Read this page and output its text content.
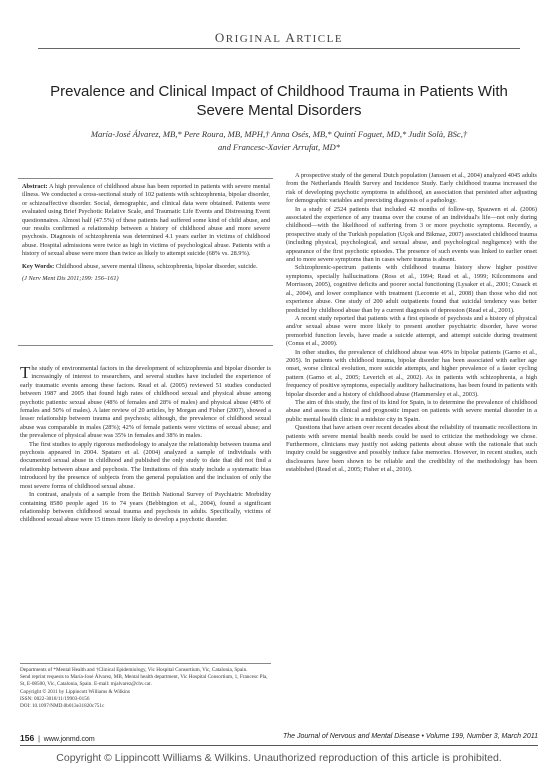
ORIGINAL ARTICLE
Prevalence and Clinical Impact of Childhood Trauma in Patients With Severe Mental Disorders
María-José Álvarez, MB,* Pere Roura, MB, MPH,† Anna Osés, MB,* Quintí Foguet, MD,* Judit Solà, BSc,†
and Francesc-Xavier Arrufat, MD*

Abstract: A high prevalence of childhood abuse has been reported in patients with severe mental illness. We conducted a cross-sectional study of 102 patients with schizophrenia, bipolar disorder, or schizoaffective disorder. Social, demographic, and clinical data were obtained. Patients were evaluated using Brief Psychotic Relative Scale, and Traumatic Life Events and Distressing Event questionnaires. Almost half (47.5%) of these patients had suffered some kind of child abuse, and our results confirmed a relationship between a history of childhood abuse and more severe psychosis. Diagnosis of schizophrenia was determined 4.1 years earlier in victims of childhood abuse. Hospital admissions were twice as high in victims of psychological abuse. Patients with a history of sexual abuse were more than twice as likely to attempt suicide (68% vs. 28.9%).

Key Words: Childhood abuse, severe mental illness, schizophrenia, bipolar disorder, suicide.

(J Nerv Ment Dis 2011;199: 156–161)

The study of environmental factors in the development of schizophrenia and bipolar disorder is increasingly of interest to researchers, and several studies have included the experience of early traumatic events among these factors. Read et al. (2005) reviewed 51 studies conducted between 1987 and 2005 that found high rates of childhood sexual and physical abuse among psychotic patients: sexual abuse (48% of females and 28% of males) and physical abuse (48% of females and 50% of males). A later review of 20 articles, by Morgan and Fisher (2007), showed a lesser relationship between trauma and psychosis; although, the prevalence of childhood sexual abuse was comparable in males (28%); 42% of female patients were victims of sexual abuse; and the prevalence of physical abuse was 35% in females and 38% in males.

The first studies to apply rigorous methodology to analyze the relationship between trauma and psychosis appeared in 2004. Spataro et al. (2004) analyzed a sample of individuals with documented sexual abuse in childhood and published the only study to date that did not find a relationship between abuse and psychosis. The limitations of this study include a systematic bias introduced by the presence of subjects from the general population and the inclusion of only the most severe forms of childhood sexual abuse.

In contrast, analysis of a sample from the British National Survey of Psychiatric Morbidity containing 8580 people aged 16 to 74 years (Bebbington et al., 2004), found a significant relationship between childhood sexual trauma and psychosis in adults. Specifically, victims of childhood sexual abuse were 15 times more likely to develop a psychotic disorder.

Departments of *Mental Health and †Clinical Epidemiology, Vic Hospital Consortium, Vic, Catalonia, Spain.
Send reprint requests to María-José Álvarez, MB, Mental health department, Vic Hospital Consortium, 1, Francesc Pla, St, E-08500, Vic, Catalonia, Spain. E-mail: mjalvarez@chv.cat.
Copyright © 2011 by Lippincott Williams & Wilkins
ISSN: 0022-3018/11/19903-0156
DOI: 10.1097/NMD.0b013e31820c751c

A prospective study of the general Dutch population (Janssen et al., 2004) analyzed 4045 adults from the Netherlands Health Survey and Incidence Study. Early childhood trauma increased the risk of developing psychotic symptoms in adulthood, an association that persisted after adjusting for demographic variables and preexisting diagnosis of a pathology.

In a study of 2524 patients that included 42 months of follow-up, Spauwen et al. (2006) associated the experience of any trauma over the course of an individual's life—not only during childhood—with the likelihood of suffering from 3 or more psychotic symptoms. Recently, a prospective study of the Turkish population (Uçok and Bikmaz, 2007) associated childhood trauma (including physical, psychological, and sexual abuse, and psychological negligence) with the appearance of the first psychotic episodes. The presence of such events was linked to earlier onset and to more severe symptoms than in cases where trauma is absent.

Schizophrenic-spectrum patients with childhood trauma history show higher positive symptoms, specially hallucinations (Ross et al., 1994; Read et al., 1999; Kilcommons and Morrisson, 2005), cognitive deficits and poorer social functioning (Lysaker et al., 2001; Cusack et al., 2004), and lower compliance with treatment (Lecomte et al., 2008) than those who did not experience abuse. One study of 200 adult outpatients found that suicidal tendency was better predicted by childhood abuse than by a current diagnosis of depression (Read et al., 2001).

A recent study reported that patients with a first episode of psychosis and a history of physical and/or sexual abuse were more likely to present another psychiatric disorder, have worse premorbid function levels, have made a suicide attempt, and attempt suicide during treatment (Conus et al., 2009).

In other studies, the prevalence of childhood abuse was 49% in bipolar patients (Garno et al., 2005). In patients with childhood trauma, bipolar disorder has been associated with earlier age onset, worse clinical evolution, more suicide attempts, and higher prevalence of a faster cycling pattern (Garno et al., 2005; Leverich et al., 2002). As in patients with schizophrenia, a high frequency of positive symptoms, especially auditory hallucinations, has been found in patients with bipolar disorder and a history of childhood abuse (Hammersley et al., 2003).

The aim of this study, the first of its kind for Spain, is to determine the prevalence of childhood abuse and assess its clinical and prognostic impact on patients with severe mental disorder in a public mental health clinic in a midsize city in Spain.

Questions that have arisen over recent decades about the reliability of traumatic recollections in patients with severe mental health needs could be used to criticize the methodology we chose. Furthermore, clinicians may justify not asking patients about abuse with the rationale that such inquiry could be suggestive and possibly induce false memories. However, in recent studies, such disclosures have been shown to be reliable and the credibility of the methodology has been established (Read et al., 2005; Fisher et al., 2010).

156  |  www.jonmd.com	The Journal of Nervous and Mental Disease • Volume 199, Number 3, March 2011
Copyright © Lippincott Williams & Wilkins. Unauthorized reproduction of this article is prohibited.
